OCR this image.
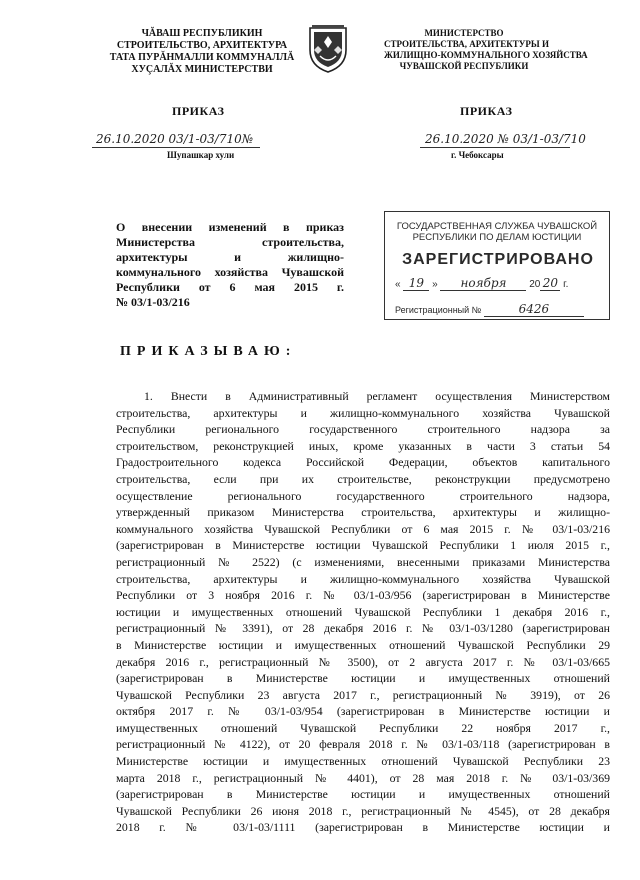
ЧĂВАШ РЕСПУБЛИКИН
СТРОИТЕЛЬСТВО, АРХИТЕКТУРА
ТАТА ПУРĂНМАЛЛИ КОММУНАЛЛĂ
ХУÇАЛĂХ МИНИСТЕРСТВИ
МИНИСТЕРСТВО
СТРОИТЕЛЬСТВА, АРХИТЕКТУРЫ И
ЖИЛИЩНО-КОММУНАЛЬНОГО ХОЗЯЙСТВА
ЧУВАШСКОЙ РЕСПУБЛИКИ
ПРИКАЗ	ПРИКАЗ
26.10.2020 03/1-03/710№	26.10.2020 № 03/1-03/710
Шупашкар хули	г. Чебоксары
О внесении изменений в приказ
Министерства строительства,
архитектуры и жилищно-
коммунального хозяйства Чувашской
Республики от 6 мая 2015 г.
№ 03/1-03/216
ГОСУДАРСТВЕННАЯ СЛУЖБА ЧУВАШСКОЙ
РЕСПУБЛИКИ ПО ДЕЛАМ ЮСТИЦИИ
ЗАРЕГИСТРИРОВАНО
« 19 » ноября 20 20 г.
Регистрационный №	6426
ПРИКАЗЫВАЮ:
1. Внести в Административный регламент осуществления Министерством
строительства, архитектуры и жилищно-коммунального хозяйства Чувашской
Республики регионального государственного строительного надзора за
строительством, реконструкцией иных, кроме указанных в части 3 статьи 54
Градостроительного кодекса Российской Федерации, объектов капитального
строительства, если при их строительстве, реконструкции предусмотрено
осуществление регионального государственного строительного надзора,
утвержденный приказом Министерства строительства, архитектуры и жилищно-
коммунального хозяйства Чувашской Республики от 6 мая 2015 г. № 03/1-03/216
(зарегистрирован в Министерстве юстиции Чувашской Республики 1 июля 2015 г.,
регистрационный № 2522) (с изменениями, внесенными приказами Министерства
строительства, архитектуры и жилищно-коммунального хозяйства Чувашской
Республики от 3 ноября 2016 г. № 03/1-03/956 (зарегистрирован в Министерстве
юстиции и имущественных отношений Чувашской Республики 1 декабря 2016 г.,
регистрационный № 3391), от 28 декабря 2016 г. № 03/1-03/1280 (зарегистрирован
в Министерстве юстиции и имущественных отношений Чувашской Республики 29
декабря 2016 г., регистрационный № 3500), от 2 августа 2017 г. № 03/1-03/665
(зарегистрирован в Министерстве юстиции и имущественных отношений
Чувашской Республики 23 августа 2017 г., регистрационный № 3919), от 26
октября 2017 г. № 03/1-03/954 (зарегистрирован в Министерстве юстиции и
имущественных отношений Чувашской Республики 22 ноября 2017 г.,
регистрационный № 4122), от 20 февраля 2018 г. № 03/1-03/118 (зарегистрирован в
Министерстве юстиции и имущественных отношений Чувашской Республики 23
марта 2018 г., регистрационный № 4401), от 28 мая 2018 г. № 03/1-03/369
(зарегистрирован в Министерстве юстиции и имущественных отношений
Чувашской Республики 26 июня 2018 г., регистрационный № 4545), от 28 декабря
2018 г. № 03/1-03/1111 (зарегистрирован в Министерстве юстиции и
